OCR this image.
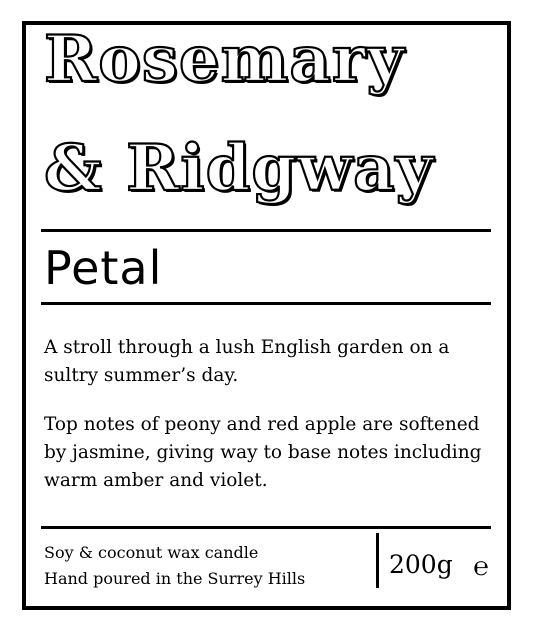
Rosemary
& Ridgway
Petal

A stroll through a lush English garden on a sultry summer’s day.

Top notes of peony and red apple are softened by jasmine, giving way to base notes including warm amber and violet.

Soy & coconut wax candle
Hand poured in the Surrey Hills	200g ℮
